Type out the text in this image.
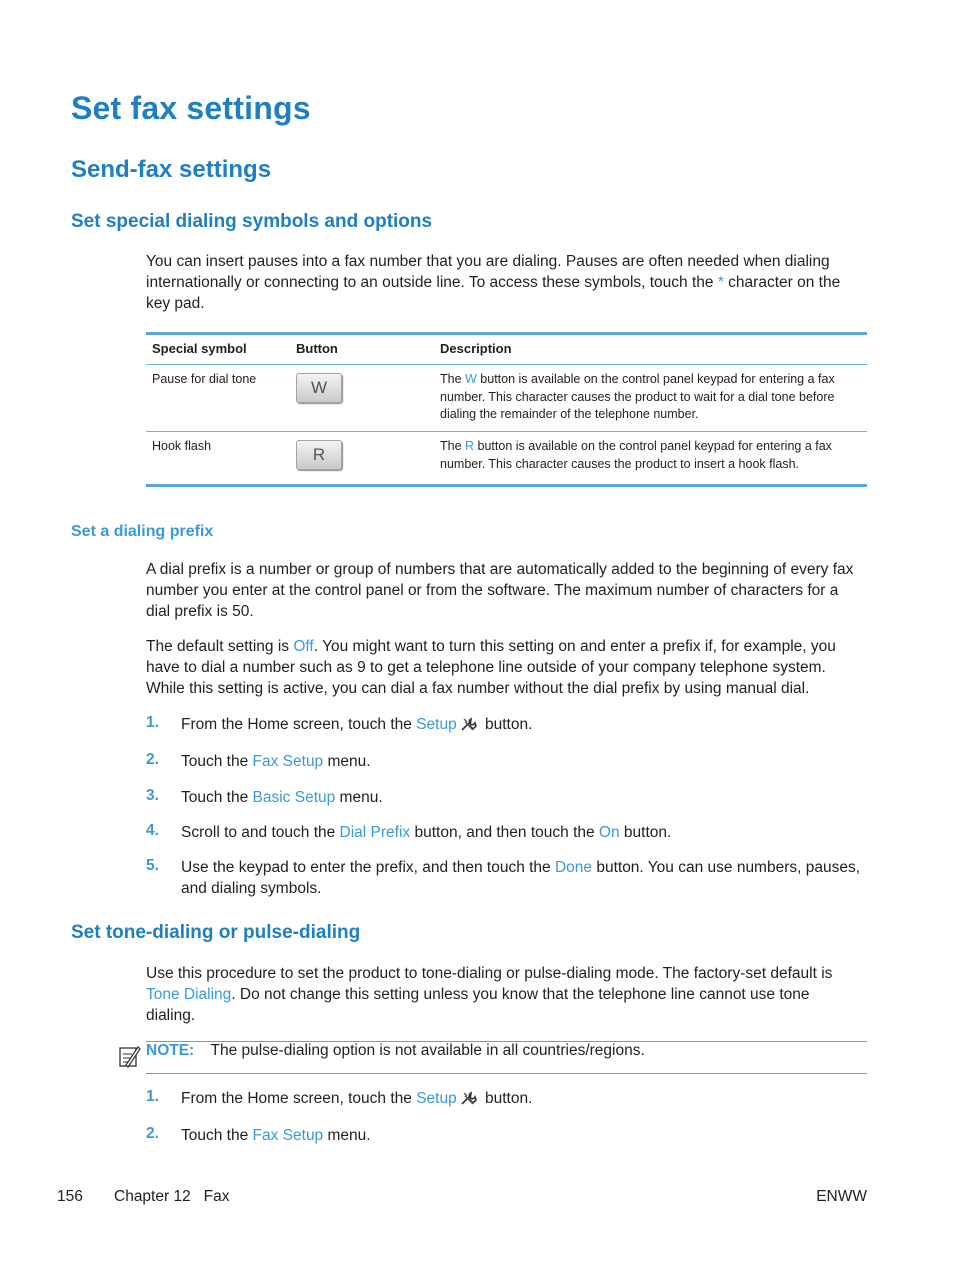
Set fax settings
Send-fax settings
Set special dialing symbols and options

You can insert pauses into a fax number that you are dialing. Pauses are often needed when dialing internationally or connecting to an outside line. To access these symbols, touch the * character on the key pad.

Special symbol	Button	Description
Pause for dial tone	W	The W button is available on the control panel keypad for entering a fax number. This character causes the product to wait for a dial tone before dialing the remainder of the telephone number.
Hook flash	R	The R button is available on the control panel keypad for entering a fax number. This character causes the product to insert a hook flash.
Set a dialing prefix

A dial prefix is a number or group of numbers that are automatically added to the beginning of every fax number you enter at the control panel or from the software. The maximum number of characters for a dial prefix is 50.

The default setting is Off. You might want to turn this setting on and enter a prefix if, for example, you have to dial a number such as 9 to get a telephone line outside of your company telephone system. While this setting is active, you can dial a fax number without the dial prefix by using manual dial.

1. From the Home screen, touch the Setup button.
2. Touch the Fax Setup menu.
3. Touch the Basic Setup menu.
4. Scroll to and touch the Dial Prefix button, and then touch the On button.
5. Use the keypad to enter the prefix, and then touch the Done button. You can use numbers, pauses, and dialing symbols.
Set tone-dialing or pulse-dialing

Use this procedure to set the product to tone-dialing or pulse-dialing mode. The factory-set default is Tone Dialing. Do not change this setting unless you know that the telephone line cannot use tone dialing.

NOTE: The pulse-dialing option is not available in all countries/regions.
1. From the Home screen, touch the Setup button.
2. Touch the Fax Setup menu.
156 Chapter 12   Fax	ENWW
